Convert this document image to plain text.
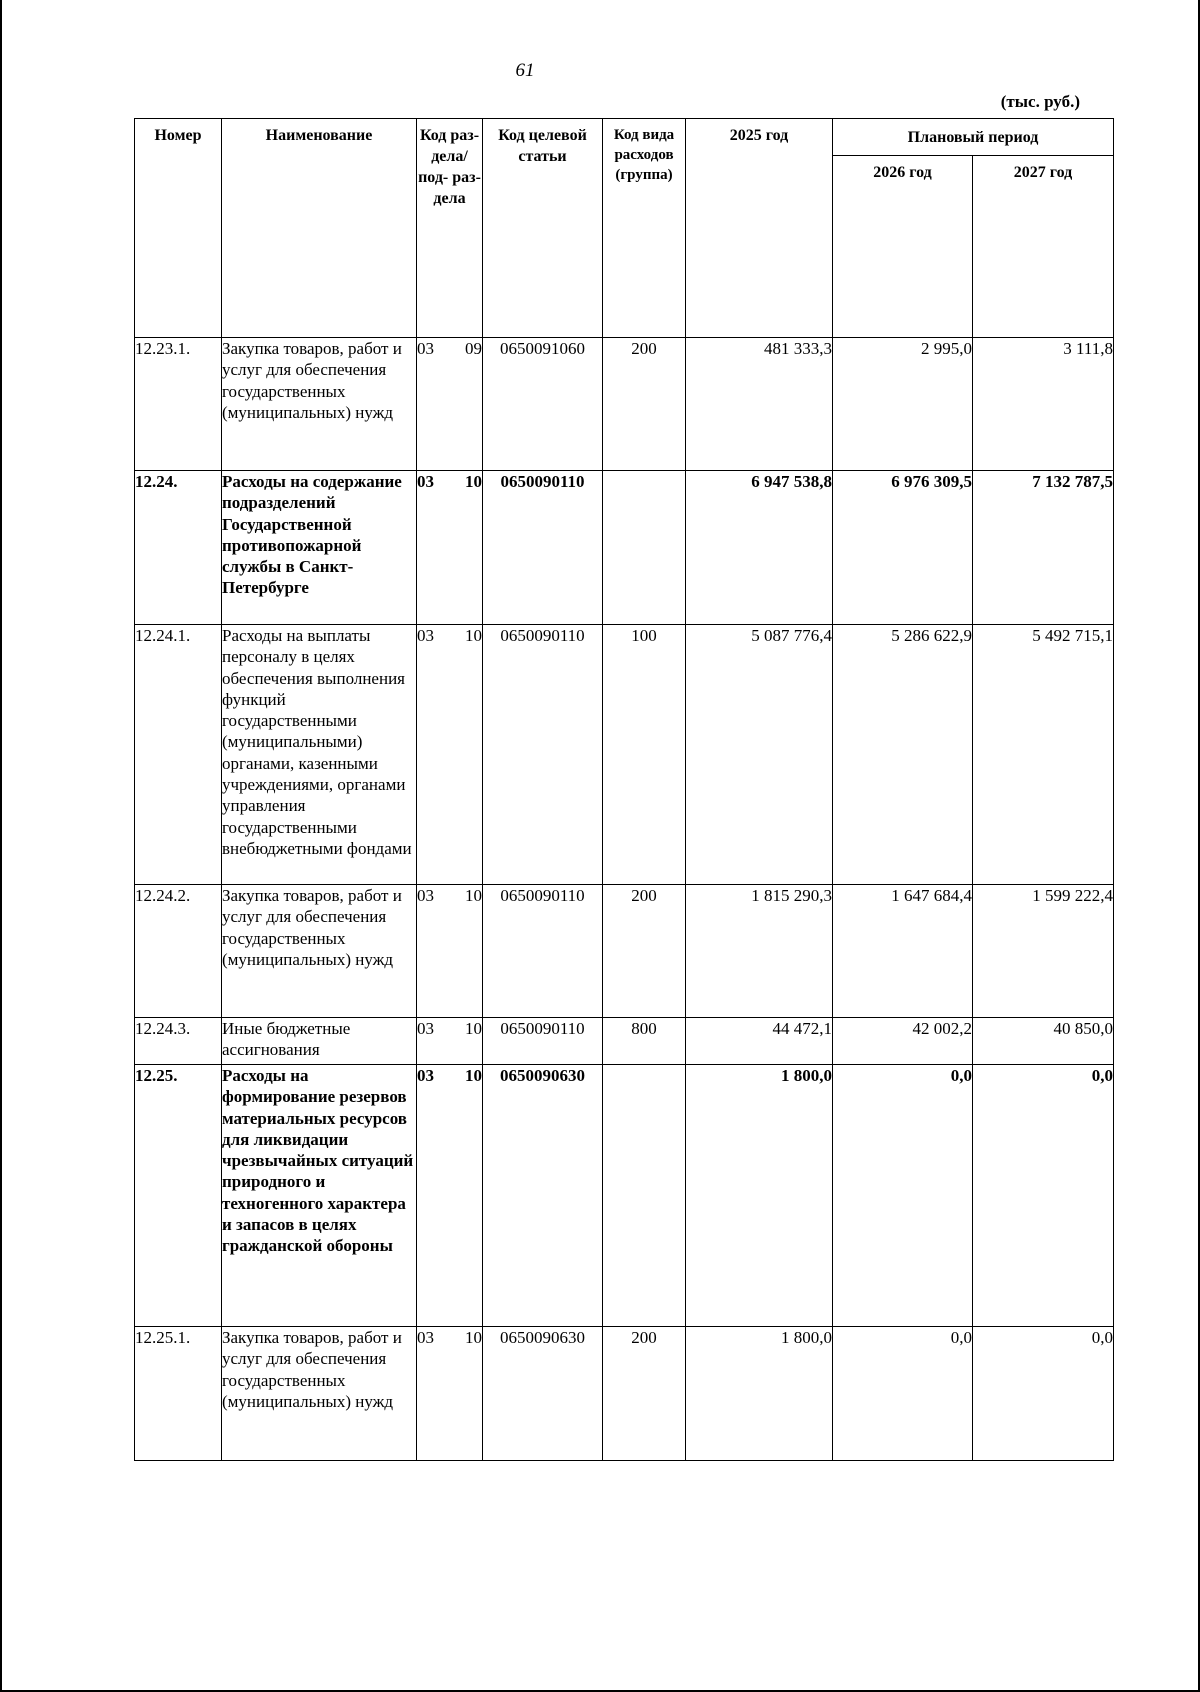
61
(тыс. руб.)
Номер	Наименование	Код раз- дела/ под- раз- дела	Код целевой статьи	Код вида расходов (группа)	2025 год	Плановый период	
						2026 год	2027 год
12.23.1.	Закупка товаров, работ и услуг для обеспечения государственных (муниципальных) нужд	03 09	0650091060	200	481 333,3	2 995,0	3 111,8
12.24.	Расходы на содержание подразделений Государственной противопожарной службы в Санкт-Петербурге	03 10	0650090110		6 947 538,8	6 976 309,5	7 132 787,5
12.24.1.	Расходы на выплаты персоналу в целях обеспечения выполнения функций государственными (муниципальными) органами, казенными учреждениями, органами управления государственными внебюджетными фондами	03 10	0650090110	100	5 087 776,4	5 286 622,9	5 492 715,1
12.24.2.	Закупка товаров, работ и услуг для обеспечения государственных (муниципальных) нужд	03 10	0650090110	200	1 815 290,3	1 647 684,4	1 599 222,4
12.24.3.	Иные бюджетные ассигнования	03 10	0650090110	800	44 472,1	42 002,2	40 850,0
12.25.	Расходы на формирование резервов материальных ресурсов для ликвидации чрезвычайных ситуаций природного и техногенного характера и запасов в целях гражданской обороны	03 10	0650090630		1 800,0	0,0	0,0
12.25.1.	Закупка товаров, работ и услуг для обеспечения государственных (муниципальных) нужд	03 10	0650090630	200	1 800,0	0,0	0,0
